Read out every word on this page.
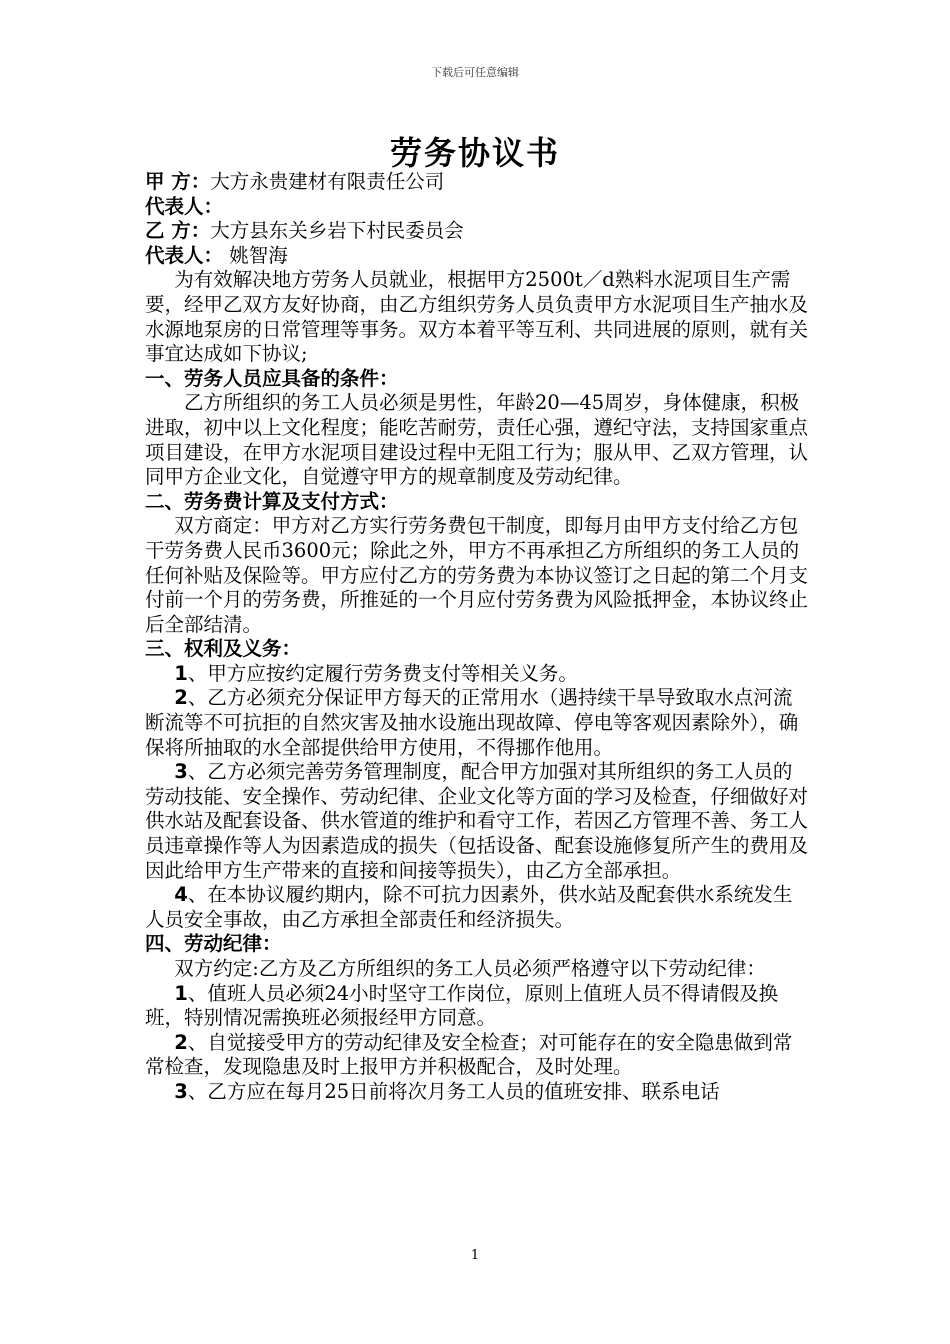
下载后可任意编辑
劳务协议书

甲 方：大方永贵建材有限责任公司

代表人：

乙 方：大方县东关乡岩下村民委员会

代表人： 姚智海

为有效解决地方劳务人员就业，根据甲方2500t／d熟料水泥项目生产需要，经甲乙双方友好协商，由乙方组织劳务人员负责甲方水泥项目生产抽水及水源地泵房的日常管理等事务。双方本着平等互利、共同进展的原则，就有关事宜达成如下协议;

一、劳务人员应具备的条件：

乙方所组织的务工人员必须是男性，年龄20—45周岁，身体健康，积极进取，初中以上文化程度；能吃苦耐劳，责任心强，遵纪守法，支持国家重点项目建设，在甲方水泥项目建设过程中无阻工行为；服从甲、乙双方管理，认同甲方企业文化，自觉遵守甲方的规章制度及劳动纪律。

二、劳务费计算及支付方式：

双方商定：甲方对乙方实行劳务费包干制度，即每月由甲方支付给乙方包干劳务费人民币3600元；除此之外，甲方不再承担乙方所组织的务工人员的任何补贴及保险等。甲方应付乙方的劳务费为本协议签订之日起的第二个月支付前一个月的劳务费，所推延的一个月应付劳务费为风险抵押金，本协议终止后全部结清。

三、权利及义务：

1、甲方应按约定履行劳务费支付等相关义务。

2、乙方必须充分保证甲方每天的正常用水（遇持续干旱导致取水点河流断流等不可抗拒的自然灾害及抽水设施出现故障、停电等客观因素除外），确保将所抽取的水全部提供给甲方使用，不得挪作他用。

3、乙方必须完善劳务管理制度，配合甲方加强对其所组织的务工人员的劳动技能、安全操作、劳动纪律、企业文化等方面的学习及检查，仔细做好对供水站及配套设备、供水管道的维护和看守工作，若因乙方管理不善、务工人员违章操作等人为因素造成的损失（包括设备、配套设施修复所产生的费用及因此给甲方生产带来的直接和间接等损失），由乙方全部承担。

4、在本协议履约期内，除不可抗力因素外，供水站及配套供水系统发生人员安全事故，由乙方承担全部责任和经济损失。

四、劳动纪律：

双方约定:乙方及乙方所组织的务工人员必须严格遵守以下劳动纪律：

1、值班人员必须24小时坚守工作岗位，原则上值班人员不得请假及换班，特别情况需换班必须报经甲方同意。

2、自觉接受甲方的劳动纪律及安全检查；对可能存在的安全隐患做到常常检查，发现隐患及时上报甲方并积极配合，及时处理。

3、乙方应在每月25日前将次月务工人员的值班安排、联系电话

1
